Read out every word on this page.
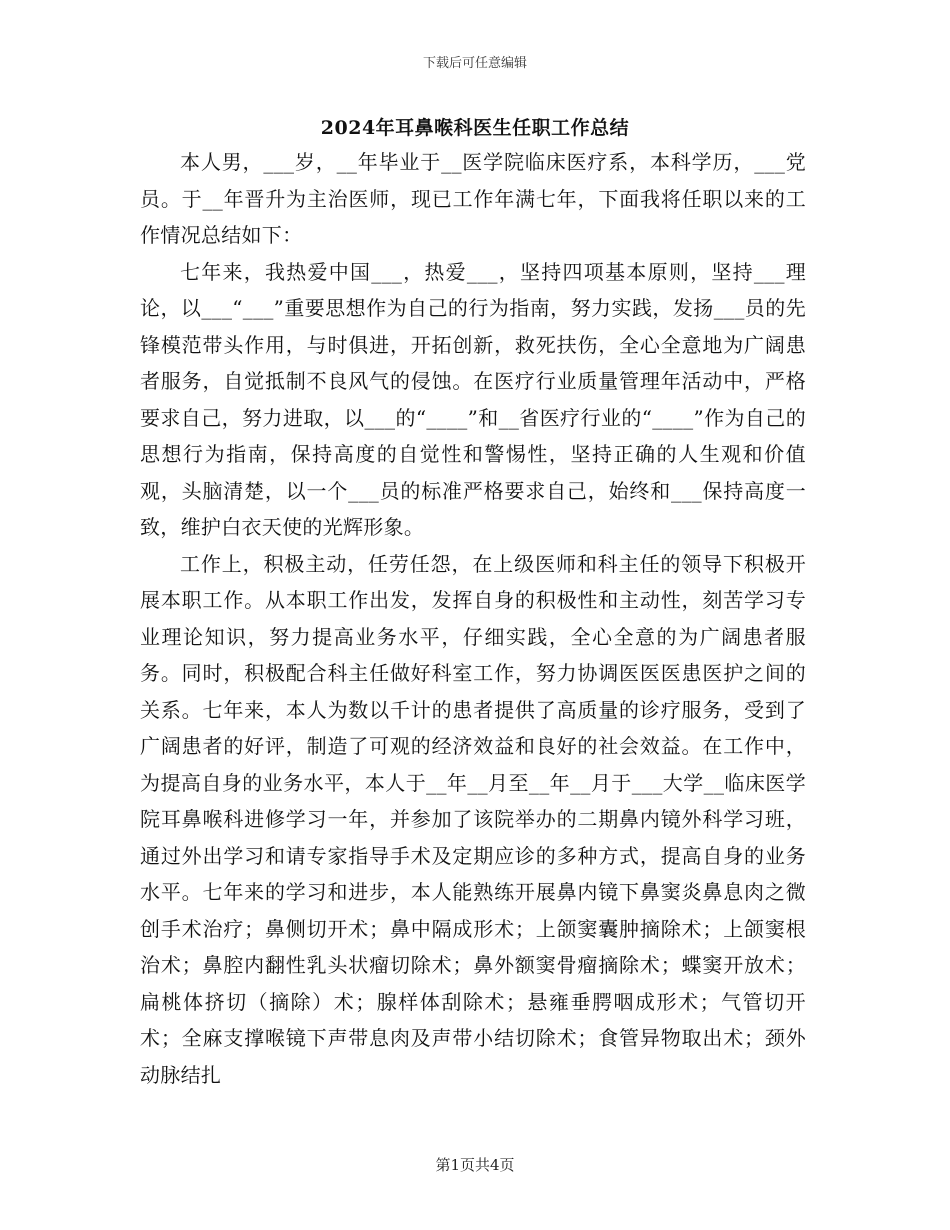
下载后可任意编辑
2024年耳鼻喉科医生任职工作总结

本人男，___岁，__年毕业于__医学院临床医疗系，本科学历，___党员。于__年晋升为主治医师，现已工作年满七年，下面我将任职以来的工作情况总结如下：

七年来，我热爱中国___，热爱___，坚持四项基本原则，坚持___理论，以___“___”重要思想作为自己的行为指南，努力实践，发扬___员的先锋模范带头作用，与时俱进，开拓创新，救死扶伤，全心全意地为广阔患者服务，自觉抵制不良风气的侵蚀。在医疗行业质量管理年活动中，严格要求自己，努力进取，以___的“____”和__省医疗行业的“____”作为自己的思想行为指南，保持高度的自觉性和警惕性，坚持正确的人生观和价值观，头脑清楚，以一个___员的标准严格要求自己，始终和___保持高度一致，维护白衣天使的光辉形象。

工作上，积极主动，任劳任怨，在上级医师和科主任的领导下积极开展本职工作。从本职工作出发，发挥自身的积极性和主动性，刻苦学习专业理论知识，努力提高业务水平，仔细实践，全心全意的为广阔患者服务。同时，积极配合科主任做好科室工作，努力协调医医医患医护之间的关系。七年来，本人为数以千计的患者提供了高质量的诊疗服务，受到了广阔患者的好评，制造了可观的经济效益和良好的社会效益。在工作中，为提高自身的业务水平，本人于__年__月至__年__月于___大学__临床医学院耳鼻喉科进修学习一年，并参加了该院举办的二期鼻内镜外科学习班，通过外出学习和请专家指导手术及定期应诊的多种方式，提高自身的业务水平。七年来的学习和进步，本人能熟练开展鼻内镜下鼻窦炎鼻息肉之微创手术治疗；鼻侧切开术；鼻中隔成形术；上颌窦囊肿摘除术；上颌窦根治术；鼻腔内翻性乳头状瘤切除术；鼻外额窦骨瘤摘除术；蝶窦开放术；扁桃体挤切（摘除）术；腺样体刮除术；悬雍垂腭咽成形术；气管切开术；全麻支撑喉镜下声带息肉及声带小结切除术；食管异物取出术；颈外动脉结扎

第1页共4页
